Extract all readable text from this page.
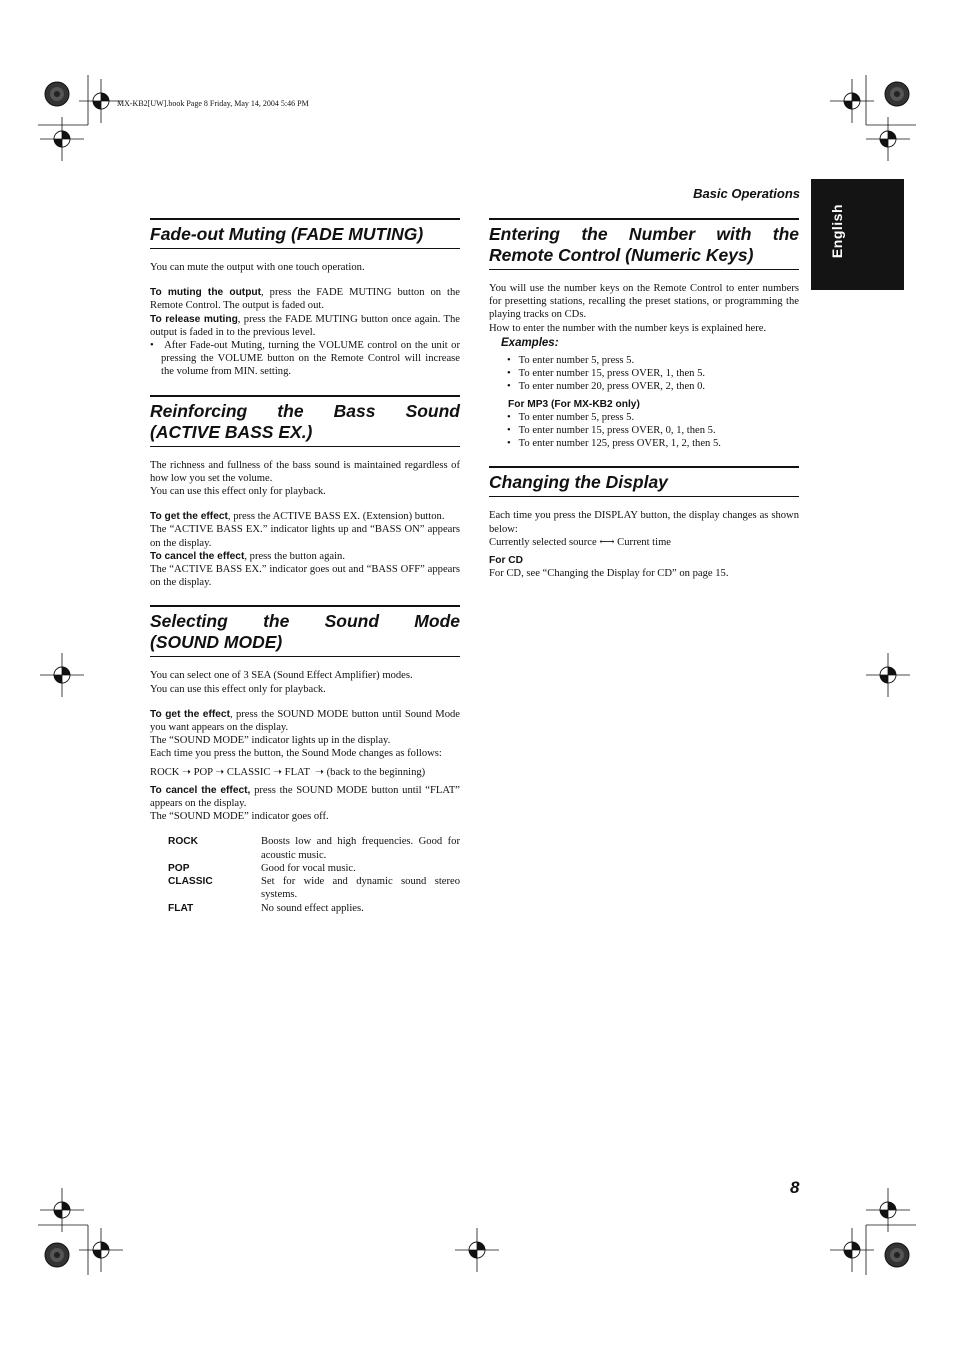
MX-KB2[UW].book Page 8 Friday, May 14, 2004 5:46 PM
Basic Operations
English
Fade-out Muting (FADE MUTING)

You can mute the output with one touch operation.

To muting the output, press the FADE MUTING button on the Remote Control. The output is faded out.

To release muting, press the FADE MUTING button once again. The output is faded in to the previous level.

•   After Fade-out Muting, turning the VOLUME control on the unit or pressing the VOLUME button on the Remote Control will increase the volume from MIN. setting.

Reinforcing the Bass Sound
(ACTIVE BASS EX.)

The richness and fullness of the bass sound is maintained regardless of how low you set the volume.

You can use this effect only for playback.

To get the effect, press the ACTIVE BASS EX. (Extension) button.

The “ACTIVE BASS EX.” indicator lights up and “BASS ON” appears on the display.

To cancel the effect, press the button again.

The “ACTIVE BASS EX.” indicator goes out and “BASS OFF” appears on the display.

Selecting the Sound Mode
(SOUND MODE)

You can select one of 3 SEA (Sound Effect Amplifier) modes.

You can use this effect only for playback.

To get the effect, press the SOUND MODE button until Sound Mode you want appears on the display.

The “SOUND MODE” indicator lights up in the display.

Each time you press the button, the Sound Mode changes as follows:

ROCK ➝ POP ➝ CLASSIC ➝ FLAT ➝ (back to the beginning)

To cancel the effect, press the SOUND MODE button until “FLAT” appears on the display.

The “SOUND MODE” indicator goes off.

ROCK	Boosts low and high frequencies. Good for acoustic music.
POP	Good for vocal music.
CLASSIC	Set for wide and dynamic sound stereo systems.
FLAT	No sound effect applies.
Entering the Number with the
Remote Control (Numeric Keys)

You will use the number keys on the Remote Control to enter numbers for presetting stations, recalling the preset stations, or programming the playing tracks on CDs.

How to enter the number with the number keys is explained here.

Examples:

•   To enter number 5, press 5.

•   To enter number 15, press OVER, 1, then 5.

•   To enter number 20, press OVER, 2, then 0.

For MP3 (For MX-KB2 only)

•   To enter number 5, press 5.

•   To enter number 15, press OVER, 0, 1, then 5.

•   To enter number 125, press OVER, 1, 2, then 5.

Changing the Display

Each time you press the DISPLAY button, the display changes as shown below:

Currently selected source ⟷ Current time

For CD

For CD, see “Changing the Display for CD” on page 15.

8
